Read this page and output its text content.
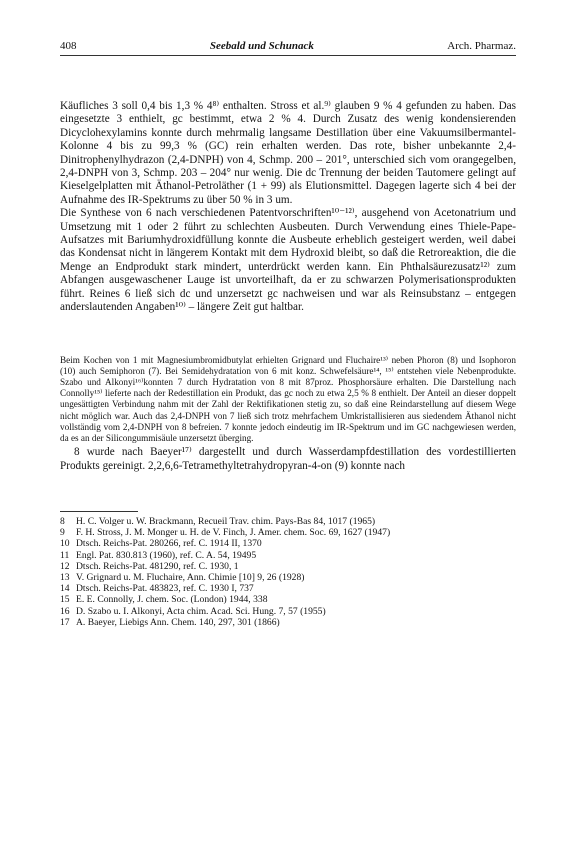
408	Seebald und Schunack	Arch. Pharmaz.

Käufliches 3 soll 0,4 bis 1,3 % 4⁸⁾ enthalten. Stross et al.⁹⁾ glauben 9 % 4 gefunden zu haben. Das eingesetzte 3 enthielt, gc bestimmt, etwa 2 % 4. Durch Zusatz des wenig kondensierenden Dicyclohexylamins konnte durch mehrmalig langsame Destillation über eine Vakuumsilbermantel-Kolonne 4 bis zu 99,3 % (GC) rein erhalten werden. Das rote, bisher unbekannte 2,4-Dinitrophenylhydrazon (2,4-DNPH) von 4, Schmp. 200 – 201°, unterschied sich vom orangegelben, 2,4-DNPH von 3, Schmp. 203 – 204° nur wenig. Die dc Trennung der beiden Tautomere gelingt auf Kieselgelplatten mit Äthanol-Petroläther (1 + 99) als Elutionsmittel. Dagegen lagerte sich 4 bei der Aufnahme des IR-Spektrums zu über 50 % in 3 um.

Die Synthese von 6 nach verschiedenen Patentvorschriften¹⁰⁻¹²⁾, ausgehend von Acetonatrium und Umsetzung mit 1 oder 2 führt zu schlechten Ausbeuten. Durch Verwendung eines Thiele-Pape-Aufsatzes mit Bariumhydroxidfüllung konnte die Ausbeute erheblich gesteigert werden, weil dabei das Kondensat nicht in längerem Kontakt mit dem Hydroxid bleibt, so daß die Retroreaktion, die die Menge an Endprodukt stark mindert, unterdrückt werden kann. Ein Phthalsäurezusatz¹²⁾ zum Abfangen ausgewaschener Lauge ist unvorteilhaft, da er zu schwarzen Polymerisationsprodukten führt. Reines 6 ließ sich dc und unzersetzt gc nachweisen und war als Reinsubstanz – entgegen anderslautenden Angaben¹⁰⁾ – längere Zeit gut haltbar.

Beim Kochen von 1 mit Magnesiumbromidbutylat erhielten Grignard und Fluchaire¹³⁾ neben Phoron (8) und Isophoron (10) auch Semiphoron (7). Bei Semidehydratation von 6 mit konz. Schwefelsäure¹⁴, ¹⁵⁾ entstehen viele Nebenprodukte. Szabo und Alkonyi¹⁶⁾konnten 7 durch Hydratation von 8 mit 87proz. Phosphorsäure erhalten. Die Darstellung nach Connolly¹⁵⁾ lieferte nach der Redestillation ein Produkt, das gc noch zu etwa 2,5 % 8 enthielt. Der Anteil an dieser doppelt ungesättigten Verbindung nahm mit der Zahl der Rektifikationen stetig zu, so daß eine Reindarstellung auf diesem Wege nicht möglich war. Auch das 2,4-DNPH von 7 ließ sich trotz mehrfachem Umkristallisieren aus siedendem Äthanol nicht vollständig vom 2,4-DNPH von 8 befreien. 7 konnte jedoch eindeutig im IR-Spektrum und im GC nachgewiesen werden, da es an der Silicongummisäule unzersetzt überging.

8 wurde nach Baeyer¹⁷⁾ dargestellt und durch Wasserdampfdestillation des vordestillierten Produkts gereinigt. 2,2,6,6-Tetramethyltetrahydropyran-4-on (9) konnte nach

8 H. C. Volger u. W. Brackmann, Recueil Trav. chim. Pays-Bas 84, 1017 (1965)
9 F. H. Stross, J. M. Monger u. H. de V. Finch, J. Amer. chem. Soc. 69, 1627 (1947)
10 Dtsch. Reichs-Pat. 280266, ref. C. 1914 II, 1370
11 Engl. Pat. 830.813 (1960), ref. C. A. 54, 19495
12 Dtsch. Reichs-Pat. 481290, ref. C. 1930, 1
13 V. Grignard u. M. Fluchaire, Ann. Chimie [10] 9, 26 (1928)
14 Dtsch. Reichs-Pat. 483823, ref. C. 1930 I, 737
15 E. E. Connolly, J. chem. Soc. (London) 1944, 338
16 D. Szabo u. I. Alkonyi, Acta chim. Acad. Sci. Hung. 7, 57 (1955)
17 A. Baeyer, Liebigs Ann. Chem. 140, 297, 301 (1866)
